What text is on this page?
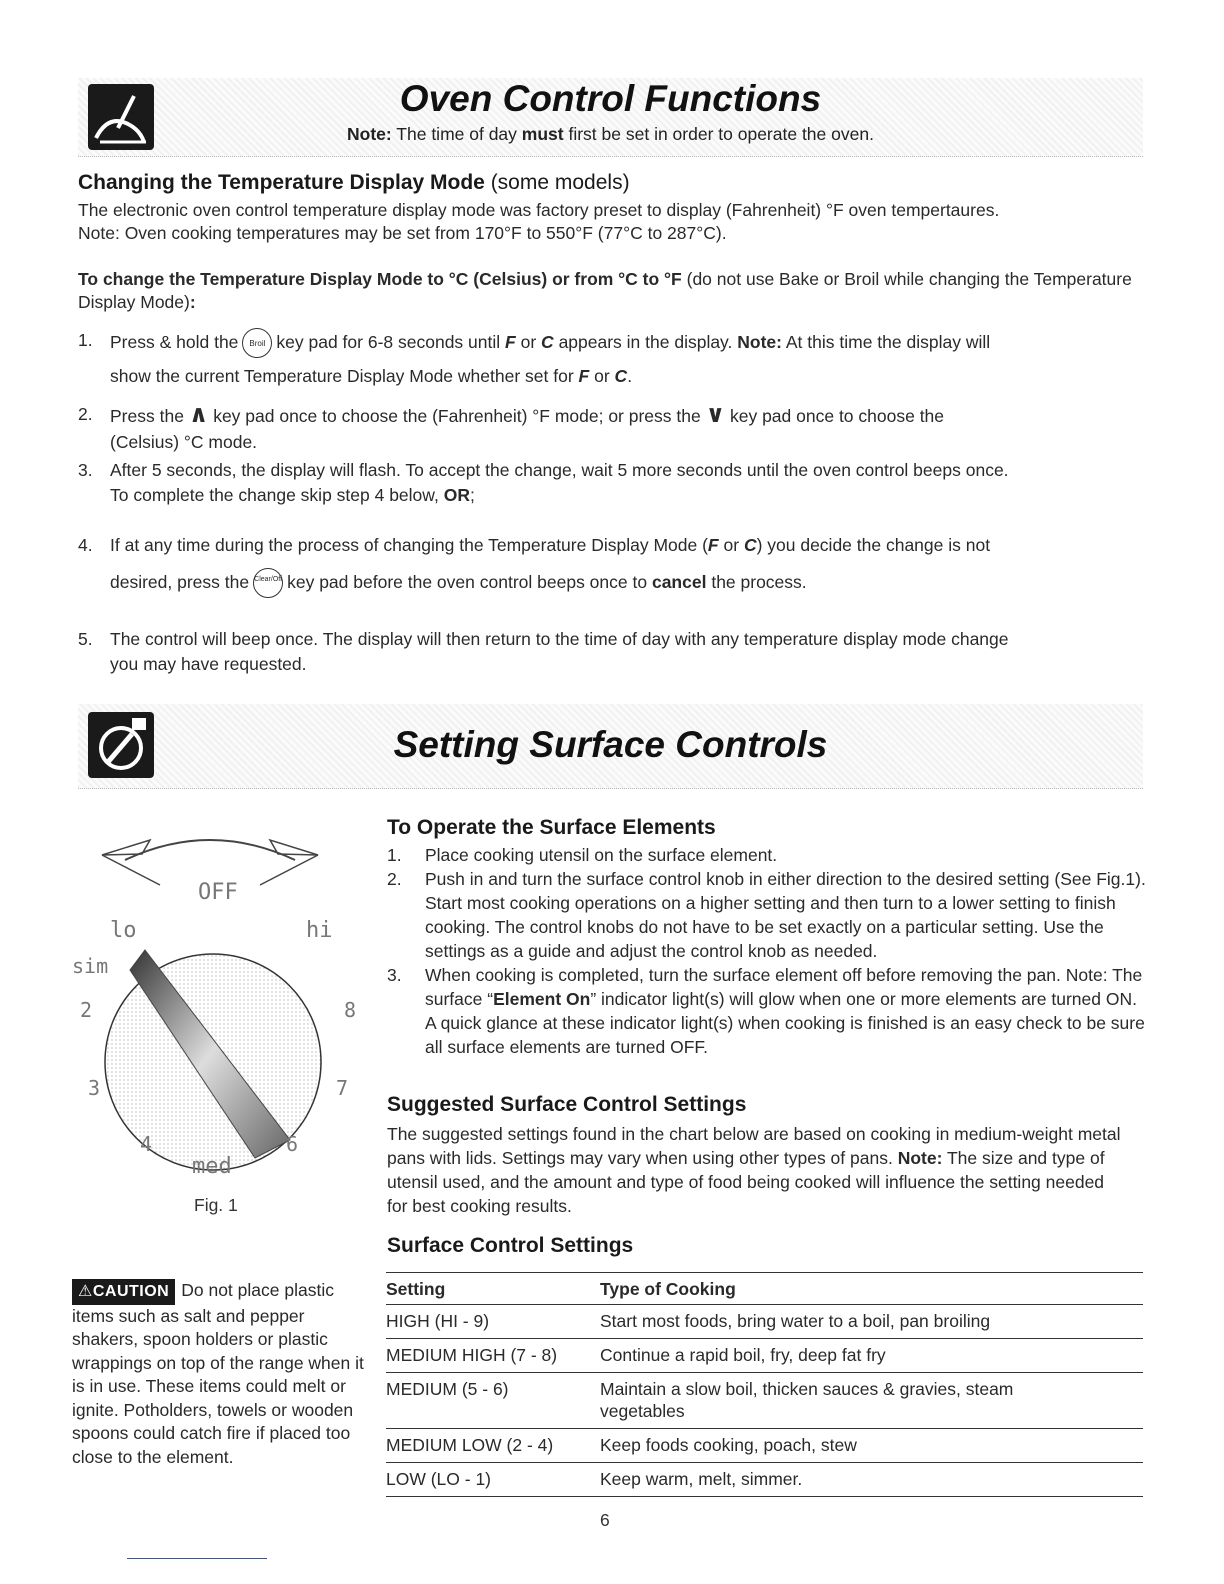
Oven Control Functions
Note: The time of day must first be set in order to operate the oven.
Changing the Temperature Display Mode (some models)
The electronic oven control temperature display mode was factory preset to display (Fahrenheit) °F oven tempertaures.
Note: Oven cooking temperatures may be set from 170°F to 550°F (77°C to 287°C).
To change the Temperature Display Mode to °C (Celsius) or from °C to °F (do not use Bake or Broil while changing the Temperature Display Mode):
1. Press & hold the Broil key pad for 6-8 seconds until F or C appears in the display. Note: At this time the display will
show the current Temperature Display Mode whether set for F or C.
2. Press the ∧ key pad once to choose the (Fahrenheit) °F mode; or press the ∨ key pad once to choose the
(Celsius) °C mode.
3. After 5 seconds, the display will flash. To accept the change, wait 5 more seconds until the oven control beeps once.
To complete the change skip step 4 below, OR;
4. If at any time during the process of changing the Temperature Display Mode (F or C) you decide the change is not
desired, press the Clear/Off key pad before the oven control beeps once to cancel the process.
5. The control will beep once. The display will then return to the time of day with any temperature display mode change
you may have requested.
Setting Surface Controls
OFF
lo	hi
sim
2	8
3	7
4	6
med
Fig. 1
To Operate the Surface Elements
1. Place cooking utensil on the surface element.
2. Push in and turn the surface control knob in either direction to the desired setting (See Fig.1). Start most cooking operations on a higher setting and then turn to a lower setting to finish cooking. The control knobs do not have to be set exactly on a particular setting. Use the settings as a guide and adjust the control knob as needed.
3. When cooking is completed, turn the surface element off before removing the pan. Note: The surface “Element On” indicator light(s) will glow when one or more elements are turned ON. A quick glance at these indicator light(s) when cooking is finished is an easy check to be sure all surface elements are turned OFF.
Suggested Surface Control Settings
The suggested settings found in the chart below are based on cooking in medium-weight metal pans with lids. Settings may vary when using other types of pans. Note: The size and type of utensil used, and the amount and type of food being cooked will influence the setting needed for best cooking results.
⚠CAUTION Do not place plastic items such as salt and pepper shakers, spoon holders or plastic wrappings on top of the range when it is in use. These items could melt or ignite. Potholders, towels or wooden spoons could catch fire if placed too close to the element.
Surface Control Settings
Setting	Type of Cooking
HIGH (HI - 9)	Start most foods, bring water to a boil, pan broiling
MEDIUM HIGH (7 - 8)	Continue a rapid boil, fry, deep fat fry
MEDIUM (5 - 6)	Maintain a slow boil, thicken sauces & gravies, steam vegetables
MEDIUM LOW (2 - 4)	Keep foods cooking, poach, stew
LOW (LO - 1)	Keep warm, melt, simmer.
6
